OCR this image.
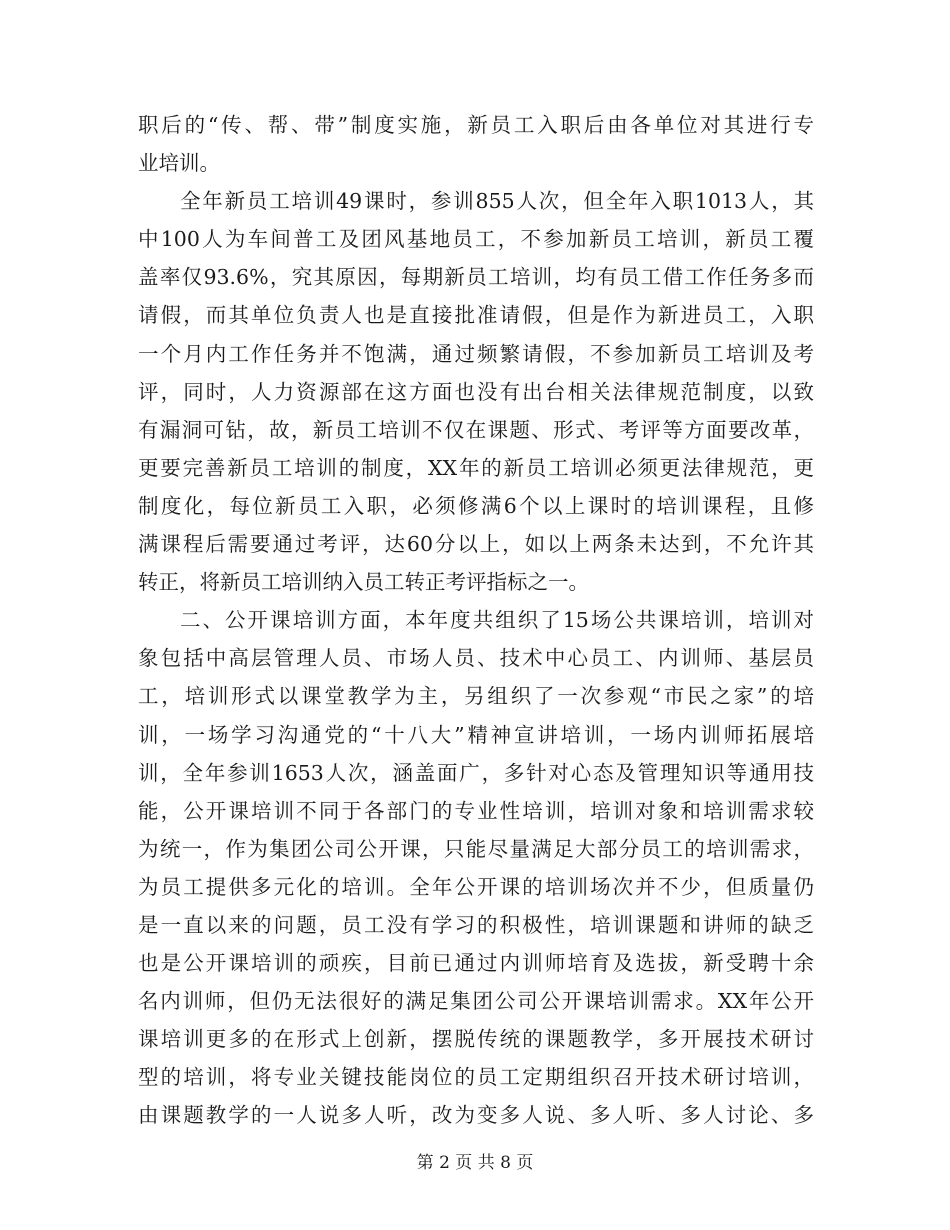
职后的“传、帮、带”制度实施，新员工入职后由各单位对其进行专
业培训。
全年新员工培训49课时，参训855人次，但全年入职1013人，其
中100人为车间普工及团风基地员工，不参加新员工培训，新员工覆
盖率仅93.6%，究其原因，每期新员工培训，均有员工借工作任务多而
请假，而其单位负责人也是直接批准请假，但是作为新进员工，入职
一个月内工作任务并不饱满，通过频繁请假，不参加新员工培训及考
评，同时，人力资源部在这方面也没有出台相关法律规范制度，以致
有漏洞可钻，故，新员工培训不仅在课题、形式、考评等方面要改革，
更要完善新员工培训的制度，XX年的新员工培训必须更法律规范，更
制度化，每位新员工入职，必须修满6个以上课时的培训课程，且修
满课程后需要通过考评，达60分以上，如以上两条未达到，不允许其
转正，将新员工培训纳入员工转正考评指标之一。
二、公开课培训方面，本年度共组织了15场公共课培训，培训对
象包括中高层管理人员、市场人员、技术中心员工、内训师、基层员
工，培训形式以课堂教学为主，另组织了一次参观“市民之家”的培
训，一场学习沟通党的“十八大”精神宣讲培训，一场内训师拓展培
训，全年参训1653人次，涵盖面广，多针对心态及管理知识等通用技
能，公开课培训不同于各部门的专业性培训，培训对象和培训需求较
为统一，作为集团公司公开课，只能尽量满足大部分员工的培训需求，
为员工提供多元化的培训。全年公开课的培训场次并不少，但质量仍
是一直以来的问题，员工没有学习的积极性，培训课题和讲师的缺乏
也是公开课培训的顽疾，目前已通过内训师培育及选拔，新受聘十余
名内训师，但仍无法很好的满足集团公司公开课培训需求。XX年公开
课培训更多的在形式上创新，摆脱传统的课题教学，多开展技术研讨
型的培训，将专业关键技能岗位的员工定期组织召开技术研讨培训，
由课题教学的一人说多人听，改为变多人说、多人听、多人讨论、多
第 2 页 共 8 页
